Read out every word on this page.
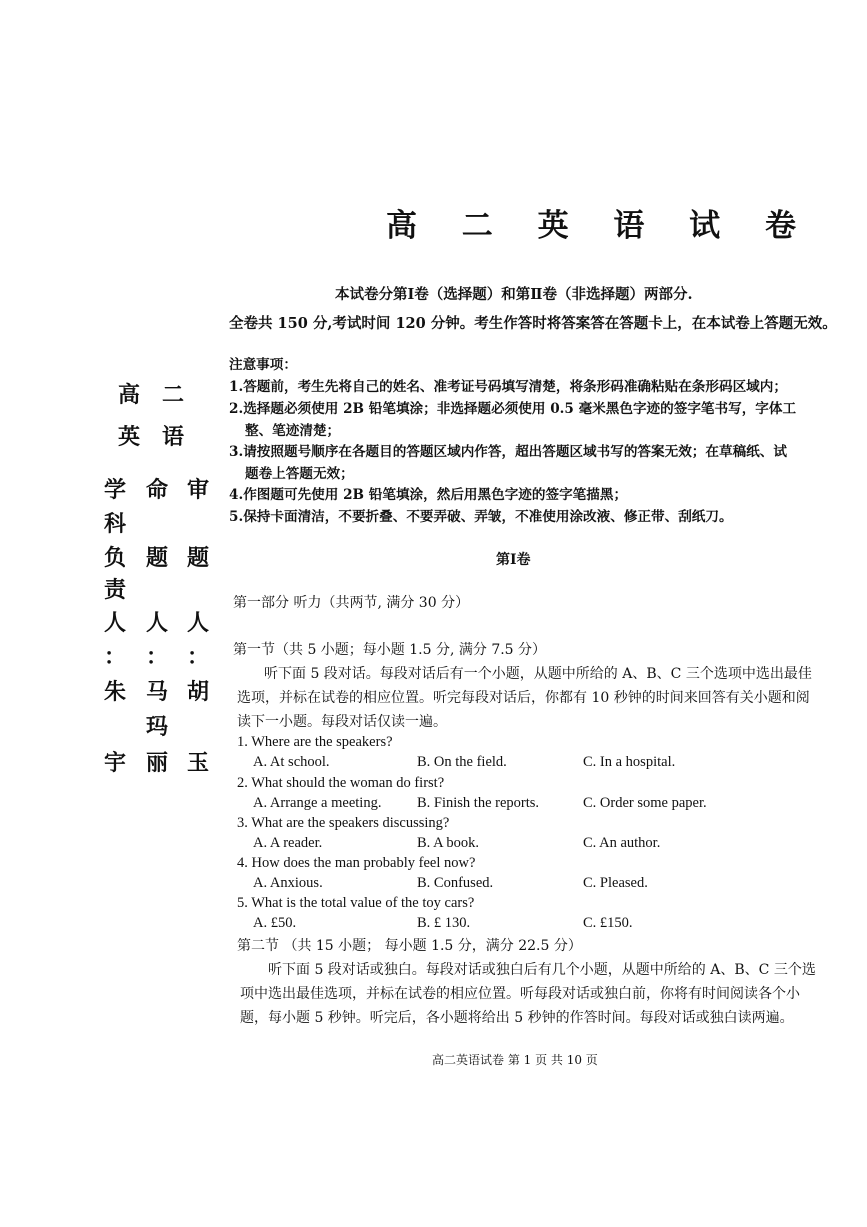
高 二 英 语 试 卷
本试卷分第Ⅰ卷（选择题）和第Ⅱ卷（非选择题）两部分.
全卷共 150 分,考试时间 120 分钟。考生作答时将答案答在答题卡上，在本试卷上答题无效。
注意事项：
1.答题前，考生先将自己的姓名、准考证号码填写清楚，将条形码准确粘贴在条形码区域内；
2.选择题必须使用 2B 铅笔填涂；非选择题必须使用 0.5 毫米黑色字迹的签字笔书写，字体工
整、笔迹清楚；
3.请按照题号顺序在各题目的答题区域内作答，超出答题区域书写的答案无效；在草稿纸、试
题卷上答题无效；
4.作图题可先使用 2B 铅笔填涂，然后用黑色字迹的签字笔描黑；
5.保持卡面清洁，不要折叠、不要弄破、弄皱，不准使用涂改液、修正带、刮纸刀。
高 二
英 语
学
科
负
责
人
：
朱
宇
命
题
人
：
马
玛
丽
审
题
人
：
胡
玉
第Ⅰ卷
第一部分 听力（共两节, 满分 30 分）
第一节（共 5 小题；每小题 1.5 分, 满分 7.5 分）
听下面 5 段对话。每段对话后有一个小题，从题中所给的 A、B、C 三个选项中选出最佳
选项，并标在试卷的相应位置。听完每段对话后，你都有 10 秒钟的时间来回答有关小题和阅
读下一小题。每段对话仅读一遍。
1. Where are the speakers?
A. At school.	B. On the field.	C. In a hospital.
2. What should the woman do first?
A. Arrange a meeting. B. Finish the reports.	C. Order some paper.
3. What are the speakers discussing?
A. A reader.	B. A book.	C. An author.
4. How does the man probably feel now?
A. Anxious.	B. Confused.	C. Pleased.
5. What is the total value of the toy cars?
A. £50.	B. £ 130.	C. £150.
第二节 （共 15 小题； 每小题 1.5 分，满分 22.5 分）
听下面 5 段对话或独白。每段对话或独白后有几个小题，从题中所给的 A、B、C 三个选
项中选出最佳选项，并标在试卷的相应位置。听每段对话或独白前，你将有时间阅读各个小
题，每小题 5 秒钟。听完后，各小题将给出 5 秒钟的作答时间。每段对话或独白读两遍。
高二英语试卷 第 1 页 共 10 页
